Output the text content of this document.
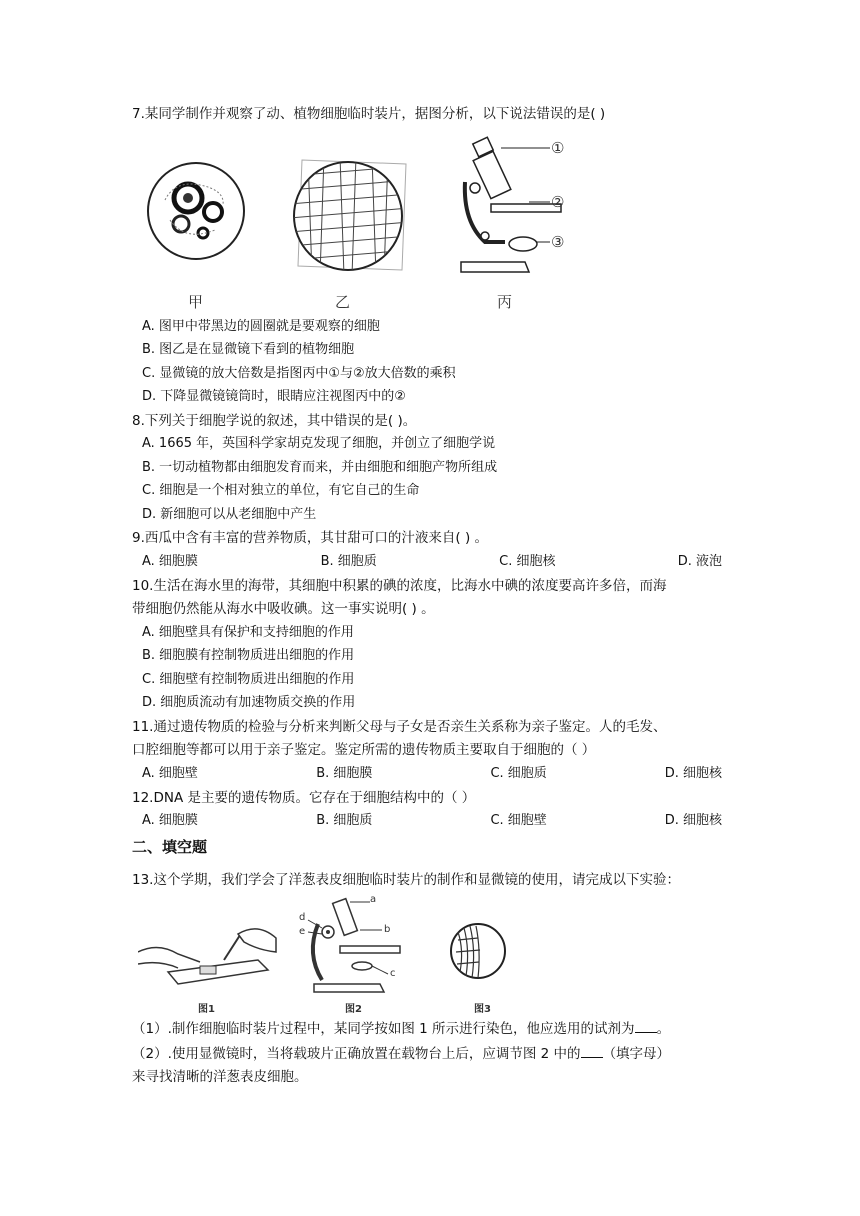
7.某同学制作并观察了动、植物细胞临时装片，据图分析，以下说法错误的是( )
①
②
③
甲	乙	丙
A. 图甲中带黑边的圆圈就是要观察的细胞
B. 图乙是在显微镜下看到的植物细胞
C. 显微镜的放大倍数是指图丙中①与②放大倍数的乘积
D. 下降显微镜镜筒时，眼睛应注视图丙中的②
8.下列关于细胞学说的叙述，其中错误的是( )。
A. 1665 年，英国科学家胡克发现了细胞，并创立了细胞学说
B. 一切动植物都由细胞发育而来，并由细胞和细胞产物所组成
C. 细胞是一个相对独立的单位，有它自己的生命
D. 新细胞可以从老细胞中产生
9.西瓜中含有丰富的营养物质，其甘甜可口的汁液来自( ) 。
A. 细胞膜	B. 细胞质	C. 细胞核	D. 液泡
10.生活在海水里的海带，其细胞中积累的碘的浓度，比海水中碘的浓度要高许多倍，而海
带细胞仍然能从海水中吸收碘。这一事实说明( ) 。
A. 细胞壁具有保护和支持细胞的作用
B. 细胞膜有控制物质进出细胞的作用
C. 细胞壁有控制物质进出细胞的作用
D. 细胞质流动有加速物质交换的作用
11.通过遗传物质的检验与分析来判断父母与子女是否亲生关系称为亲子鉴定。人的毛发、
口腔细胞等都可以用于亲子鉴定。鉴定所需的遗传物质主要取自于细胞的（ ）
A. 细胞壁	B. 细胞膜	C. 细胞质	D. 细胞核
12.DNA 是主要的遗传物质。它存在于细胞结构中的（ ）
A. 细胞膜	B. 细胞质	C. 细胞壁	D. 细胞核
二、填空题
13.这个学期，我们学会了洋葱表皮细胞临时装片的制作和显微镜的使用，请完成以下实验：
图1
a
b
c
d
e
图2	图3
（1）.制作细胞临时装片过程中，某同学按如图 1 所示进行染色，他应选用的试剂为 。
（2）.使用显微镜时，当将载玻片正确放置在载物台上后，应调节图 2 中的 （填字母）
来寻找清晰的洋葱表皮细胞。
